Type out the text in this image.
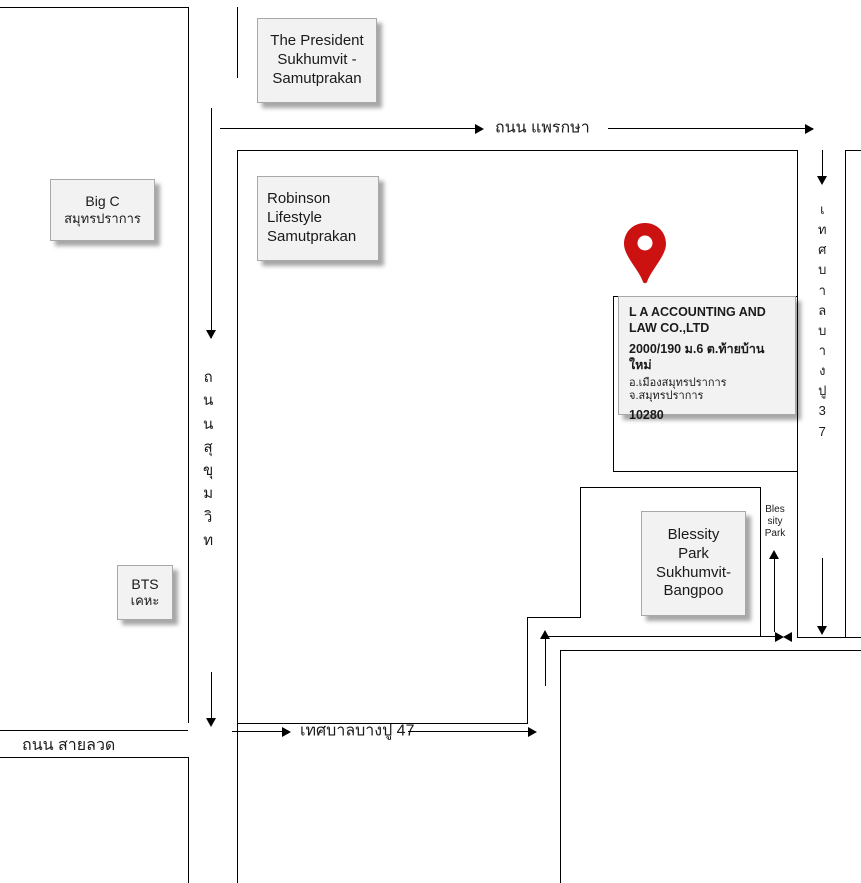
ถนน แพรกษา
ถ
น
น
สุ
ขุ
ม
วิ
ท
ถนน สายลวด
เทศบาลบางปู 47
เ
ท
ศ
บ
า
ล
บ
า
ง
ปู
3
7
Bles sity Park
The President
Sukhumvit -
Samutprakan
Big C
สมุทรปราการ
Robinson
Lifestyle
Samutprakan
BTS
เคหะ
Blessity
Park
Sukhumvit-
Bangpoo
L A ACCOUNTING AND LAW CO.,LTD
2000/190 ม.6 ต.ท้ายบ้านใหม่
อ.เมืองสมุทรปราการ จ.สมุทรปราการ
10280
